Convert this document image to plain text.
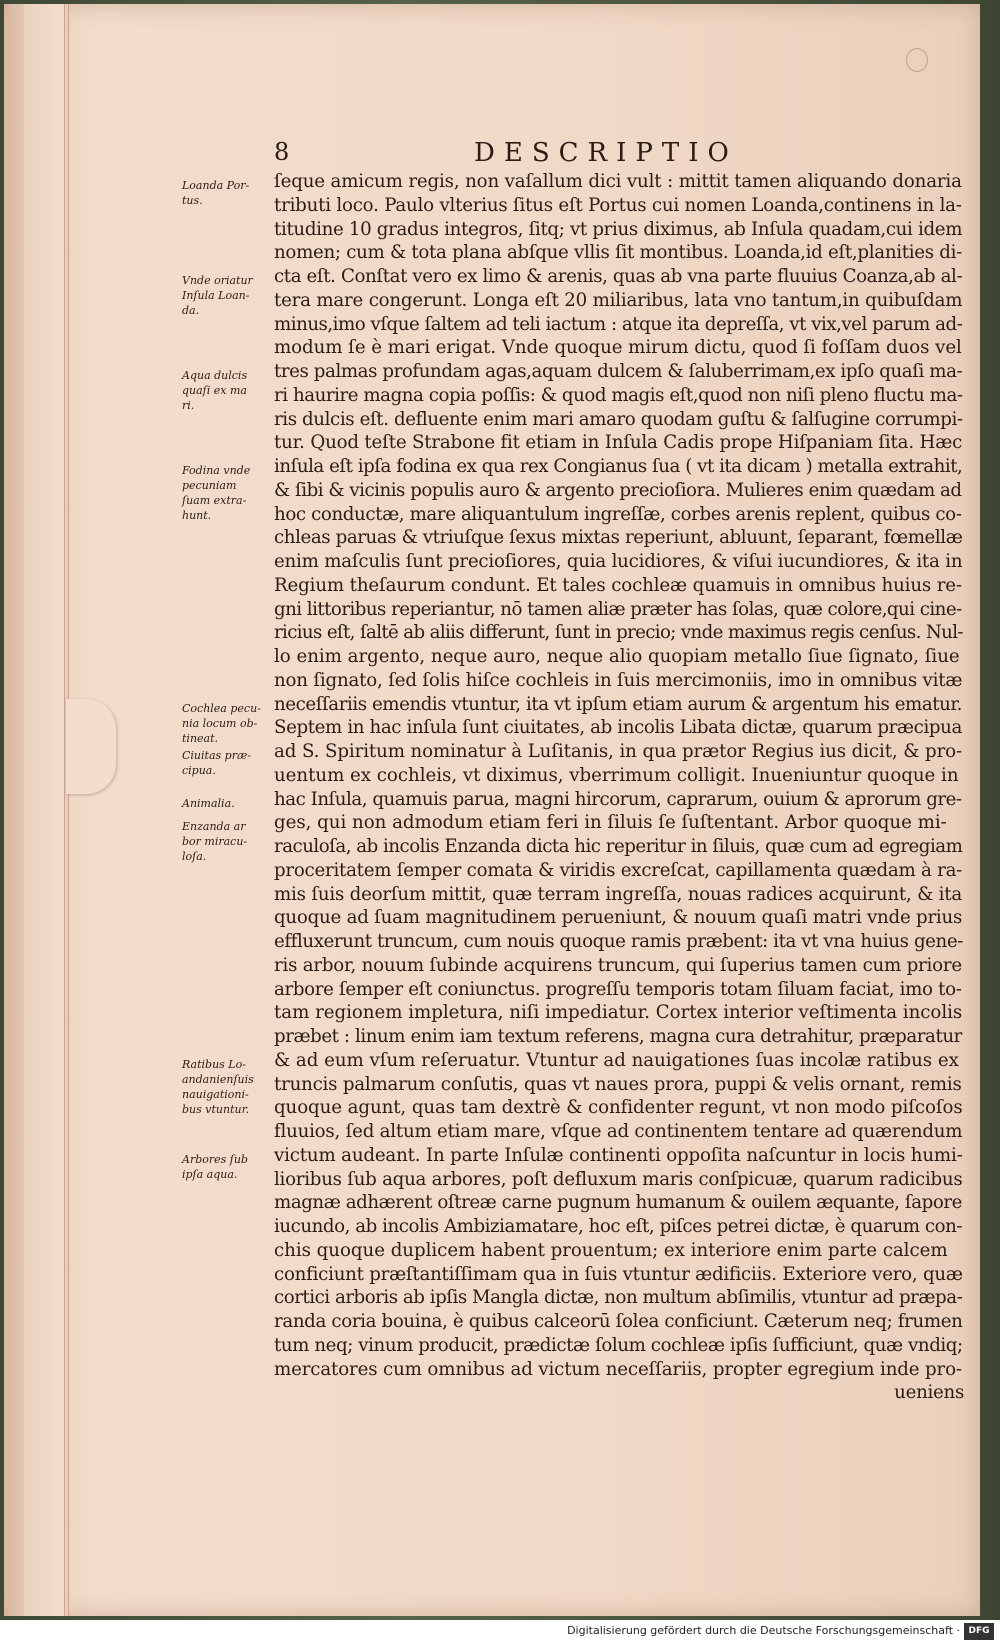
8	DESCRIPTIO
ſeque amicum regis, non vaſallum dici vult : mittit tamen aliquando donaria
tributi loco. Paulo vlterius ſitus eſt Portus cui nomen Loanda,continens in la-
titudine 10 gradus integros, ſitq; vt prius diximus, ab Inſula quadam,cui idem
nomen; cum & tota plana abſque vllis ſit montibus. Loanda,id eſt,planities di-
cta eſt. Conſtat vero ex limo & arenis, quas ab vna parte fluuius Coanza,ab al-
tera mare congerunt. Longa eſt 20 miliaribus, lata vno tantum,in quibuſdam
minus,imo vſque ſaltem ad teli iactum : atque ita depreſſa, vt vix,vel parum ad-
modum ſe è mari erigat. Vnde quoque mirum dictu, quod ſi foſſam duos vel
tres palmas profundam agas,aquam dulcem & ſaluberrimam,ex ipſo quaſi ma-
ri haurire magna copia poſſis: & quod magis eſt,quod non niſi pleno fluctu ma-
ris dulcis eſt. defluente enim mari amaro quodam guſtu & ſalſugine corrumpi-
tur. Quod teſte Strabone fit etiam in Inſula Cadis prope Hiſpaniam ſita. Hæc
inſula eſt ipſa fodina ex qua rex Congianus ſua ( vt ita dicam ) metalla extrahit,
& ſibi & vicinis populis auro & argento precioſiora. Mulieres enim quædam ad
hoc conductæ, mare aliquantulum ingreſſæ, corbes arenis replent, quibus co-
chleas paruas & vtriuſque ſexus mixtas reperiunt, abluunt, ſeparant, fœmellæ
enim maſculis ſunt precioſiores, quia lucidiores, & viſui iucundiores, & ita in
Regium theſaurum condunt. Et tales cochleæ quamuis in omnibus huius re-
gni littoribus reperiantur, nō tamen aliæ præter has ſolas, quæ colore,qui cine-
ricius eſt, ſaltē ab aliis differunt, ſunt in precio; vnde maximus regis cenſus. Nul-
lo enim argento, neque auro, neque alio quopiam metallo ſiue ſignato, ſiue
non ſignato, ſed ſolis hiſce cochleis in ſuis mercimoniis, imo in omnibus vitæ
neceſſariis emendis vtuntur, ita vt ipſum etiam aurum & argentum his ematur.
Septem in hac inſula ſunt ciuitates, ab incolis Libata dictæ, quarum præcipua
ad S. Spiritum nominatur à Luſitanis, in qua prætor Regius ius dicit, & pro-
uentum ex cochleis, vt diximus, vberrimum colligit. Inueniuntur quoque in
hac Inſula, quamuis parua, magni hircorum, caprarum, ouium & aprorum gre-
ges, qui non admodum etiam feri in ſiluis ſe ſuſtentant. Arbor quoque mi-
raculoſa, ab incolis Enzanda dicta hic reperitur in ſiluis, quæ cum ad egregiam
proceritatem ſemper comata & viridis excreſcat, capillamenta quædam à ra-
mis ſuis deorſum mittit, quæ terram ingreſſa, nouas radices acquirunt, & ita
quoque ad ſuam magnitudinem perueniunt, & nouum quaſi matri vnde prius
effluxerunt truncum, cum nouis quoque ramis præbent: ita vt vna huius gene-
ris arbor, nouum ſubinde acquirens truncum, qui ſuperius tamen cum priore
arbore ſemper eſt coniunctus. progreſſu temporis totam ſiluam faciat, imo to-
tam regionem impletura, niſi impediatur. Cortex interior veſtimenta incolis
præbet : linum enim iam textum referens, magna cura detrahitur, præparatur
& ad eum vſum reſeruatur. Vtuntur ad nauigationes ſuas incolæ ratibus ex
truncis palmarum conſutis, quas vt naues prora, puppi & velis ornant, remis
quoque agunt, quas tam dextrè & confidenter regunt, vt non modo piſcoſos
fluuios, ſed altum etiam mare, vſque ad continentem tentare ad quærendum
victum audeant. In parte Inſulæ continenti oppoſita naſcuntur in locis humi-
lioribus ſub aqua arbores, poſt defluxum maris conſpicuæ, quarum radicibus
magnæ adhærent oſtreæ carne pugnum humanum & ouilem æquante, ſapore
iucundo, ab incolis Ambiziamatare, hoc eſt, piſces petrei dictæ, è quarum con-
chis quoque duplicem habent prouentum; ex interiore enim parte calcem
conficiunt præſtantiſſimam qua in ſuis vtuntur ædificiis. Exteriore vero, quæ
cortici arboris ab ipſis Mangla dictæ, non multum abſimilis, vtuntur ad præpa-
randa coria bouina, è quibus calceorū ſolea conficiunt. Cæterum neq; frumen
tum neq; vinum producit, prædictæ ſolum cochleæ ipſis ſufficiunt, quæ vndiq;
mercatores cum omnibus ad victum neceſſariis, propter egregium inde pro-
ueniens
Loanda Por-
tus.
Vnde oriatur
Inſula Loan-
da.
Aqua dulcis
quaſi ex ma
ri.
Fodina vnde
pecuniam
ſuam extra-
hunt.
Cochlea pecu-
nia locum ob-
tineat.
Ciuitas præ-
cipua.
Animalia.
Enzanda ar
bor miracu-
loſa.
Ratibus Lo-
andanienſuis
nauigationi-
bus vtuntur.
Arbores ſub
ipſa aqua.
Digitalisierung gefördert durch die Deutsche Forschungsgemeinschaft · DFG
